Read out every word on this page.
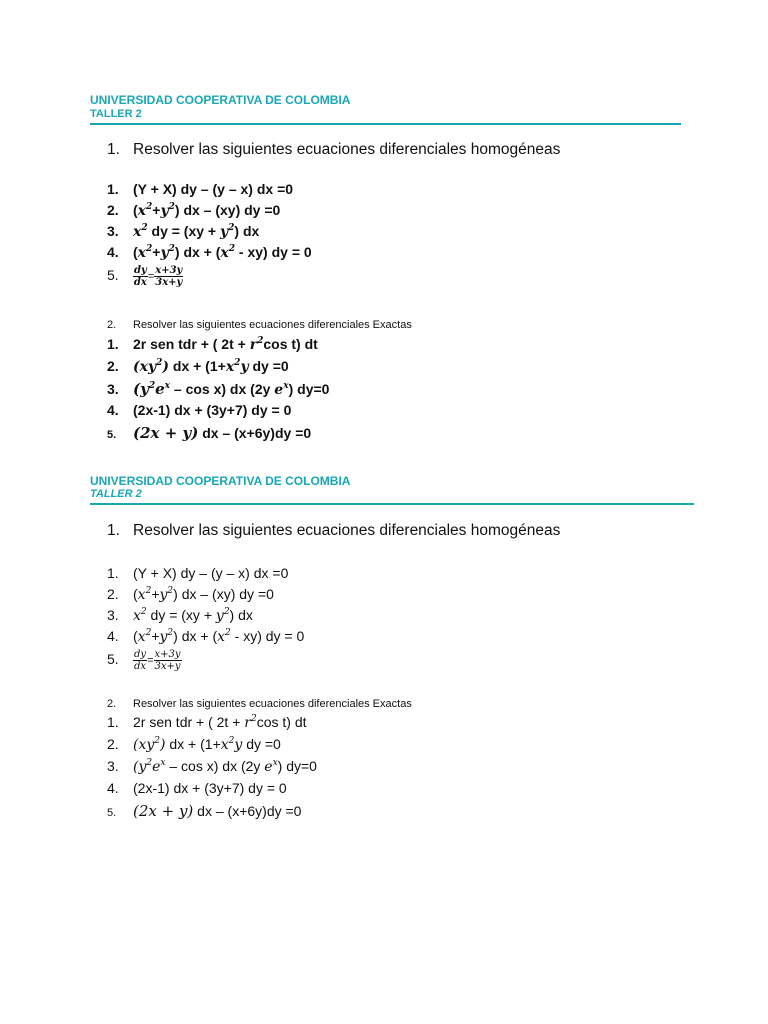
UNIVERSIDAD COOPERATIVA DE COLOMBIA
TALLER 2
1. Resolver las siguientes ecuaciones diferenciales homogéneas
1. (Y + X) dy – (y – x) dx =0
2. $(x^2+y^2)$ dx – (xy) dy =0
3. $x^2$ dy = $(xy + y^2)$ dx
4. $(x^2+y^2)$ dx + $(x^2 - xy)$ dy = 0
5. $\frac{dy}{dx} = \frac{x+3y}{3x+y}$
2. Resolver las siguientes ecuaciones diferenciales Exactas
1. 2r sen tdr + ( $2t + r^2\cos$ t) dt
2. $(xy^2)$ dx + ($1+x^2y$ dy =0
3. ($y^2e^x$ – cos x) dx (2y $e^x$) dy=0
4. (2x-1) dx + (3y+7) dy = 0
5. (2x + y) dx – (x+6y)dy =0
UNIVERSIDAD COOPERATIVA DE COLOMBIA
TALLER 2
1. Resolver las siguientes ecuaciones diferenciales homogéneas
1. (Y + X) dy – (y – x) dx =0
2. $(x^2+y^2)$ dx – (xy) dy =0
3. $x^2$ dy = $(xy + y^2)$ dx
4. $(x^2+y^2)$ dx + $(x^2 - xy)$ dy = 0
5. $\frac{dy}{dx} = \frac{x+3y}{3x+y}$
2. Resolver las siguientes ecuaciones diferenciales Exactas
1. 2r sen tdr + ( $2t + r^2\cos$ t) dt
2. $(xy^2)$ dx + ($1+x^2y$ dy =0
3. ($y^2e^x$ – cos x) dx (2y $e^x$) dy=0
4. (2x-1) dx + (3y+7) dy = 0
5. (2x + y) dx – (x+6y)dy =0
